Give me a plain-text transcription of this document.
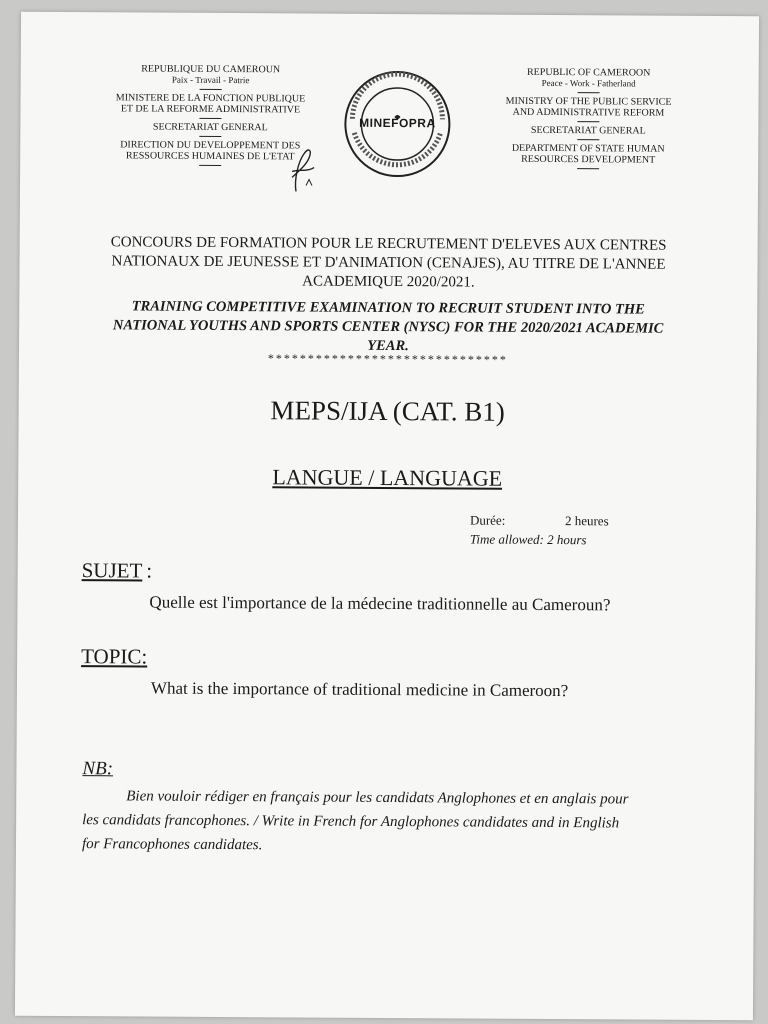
REPUBLIQUE DU CAMEROUN
Paix - Travail - Patrie
MINISTERE DE LA FONCTION PUBLIQUE
ET DE LA REFORME ADMINISTRATIVE
SECRETARIAT GENERAL
DIRECTION DU DEVELOPPEMENT DES
RESSOURCES HUMAINES DE L'ETAT
MINEFOPRA
REPUBLIC OF CAMEROON
Peace - Work - Fatherland
MINISTRY OF THE PUBLIC SERVICE
AND ADMINISTRATIVE REFORM
SECRETARIAT GENERAL
DEPARTMENT OF STATE HUMAN
RESOURCES DEVELOPMENT
CONCOURS DE FORMATION POUR LE RECRUTEMENT D'ELEVES AUX CENTRES
NATIONAUX DE JEUNESSE ET D'ANIMATION (CENAJES), AU TITRE DE L'ANNEE
ACADEMIQUE 2020/2021.
TRAINING COMPETITIVE EXAMINATION TO RECRUIT STUDENT INTO THE
NATIONAL YOUTHS AND SPORTS CENTER (NYSC) FOR THE 2020/2021 ACADEMIC
YEAR.
******************************
MEPS/IJA (CAT. B1)
LANGUE / LANGUAGE
Durée:	2 heures
Time allowed: 2 hours
SUJET :
Quelle est l'importance de la médecine traditionnelle au Cameroun?
TOPIC:
What is the importance of traditional medicine in Cameroon?
NB:
Bien vouloir rédiger en français pour les candidats Anglophones et en anglais pour
les candidats francophones. / Write in French for Anglophones candidates and in English
for Francophones candidates.
